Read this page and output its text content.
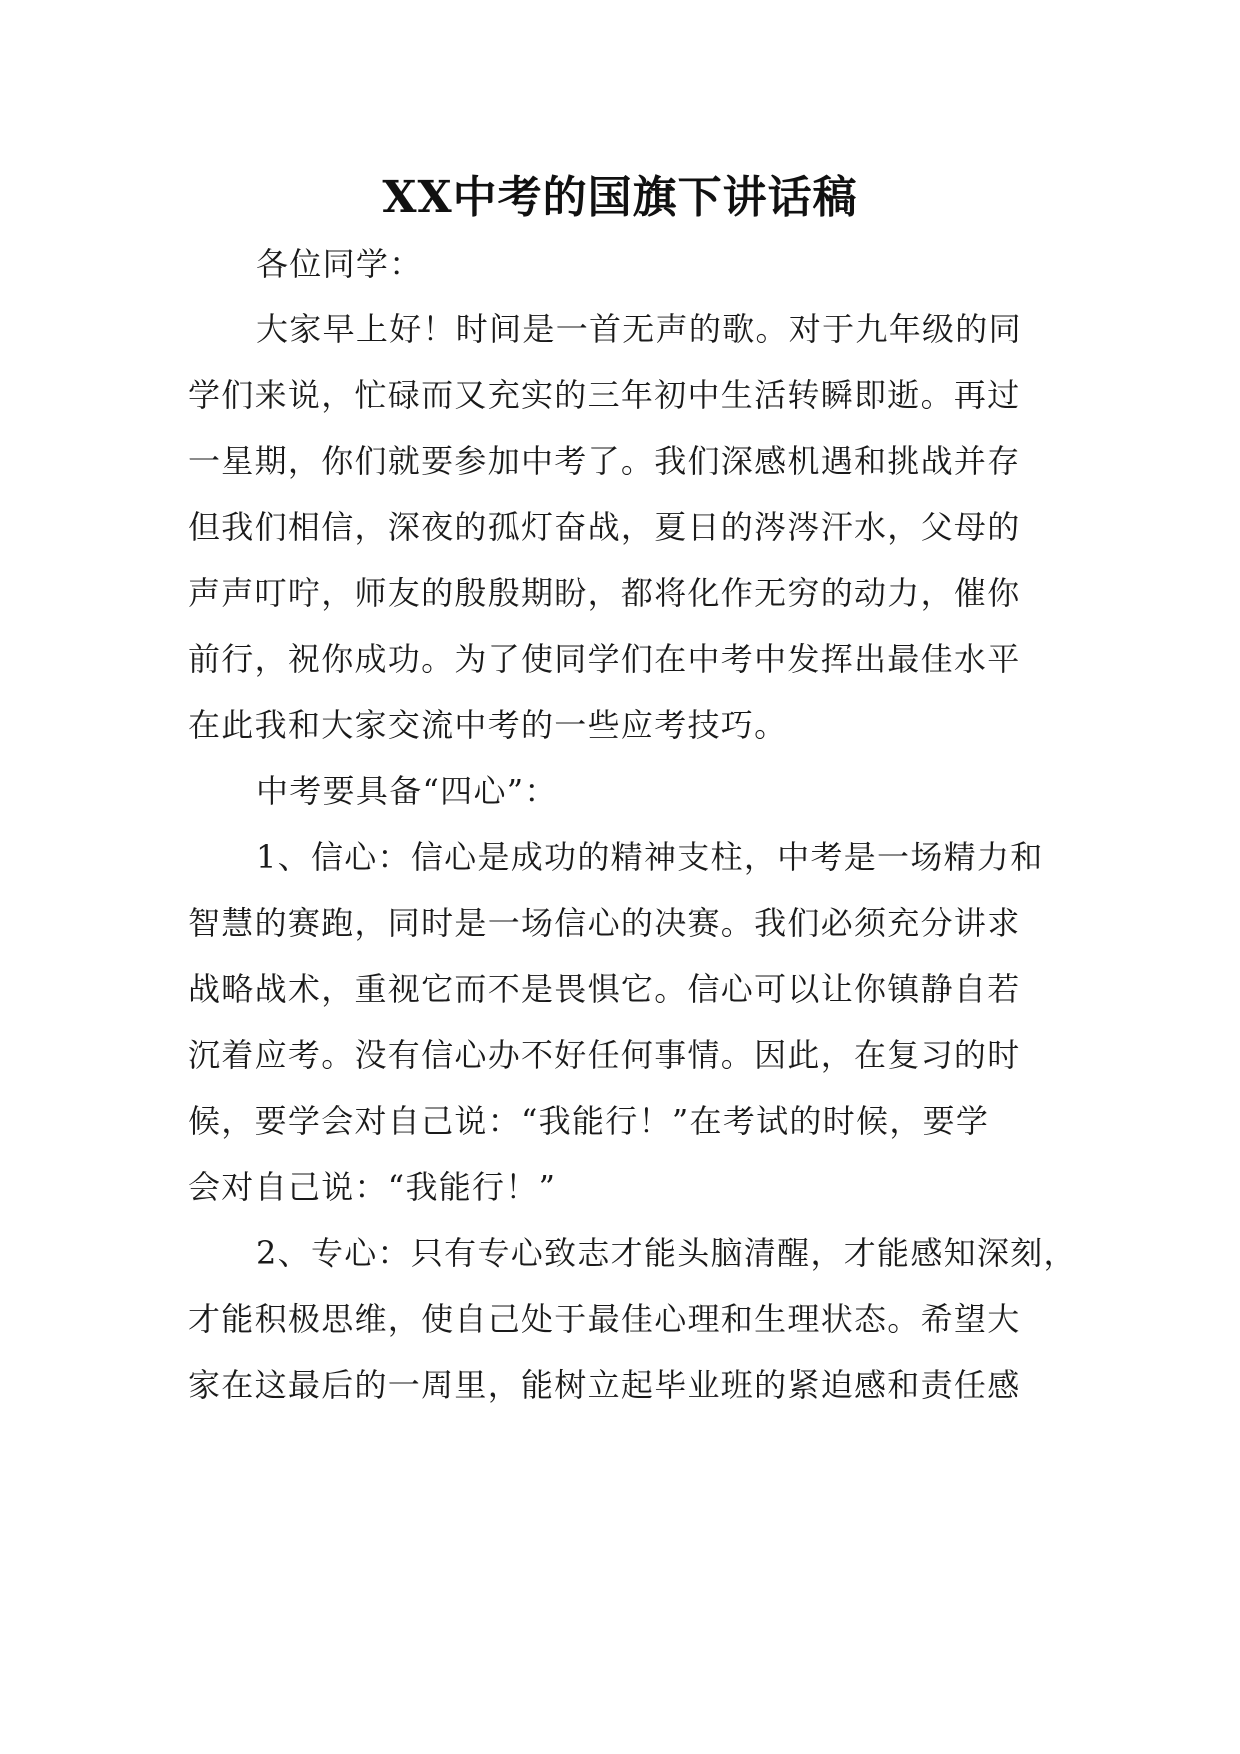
XX中考的国旗下讲话稿
各位同学：
大家早上好！时间是一首无声的歌。对于九年级的同
学们来说，忙碌而又充实的三年初中生活转瞬即逝。再过
一星期，你们就要参加中考了。我们深感机遇和挑战并存
但我们相信，深夜的孤灯奋战，夏日的涔涔汗水，父母的
声声叮咛，师友的殷殷期盼，都将化作无穷的动力，催你
前行，祝你成功。为了使同学们在中考中发挥出最佳水平
在此我和大家交流中考的一些应考技巧。
中考要具备“四心”：
1、信心：信心是成功的精神支柱，中考是一场精力和
智慧的赛跑，同时是一场信心的决赛。我们必须充分讲求
战略战术，重视它而不是畏惧它。信心可以让你镇静自若
沉着应考。没有信心办不好任何事情。因此，在复习的时
候，要学会对自己说：“我能行！”在考试的时候，要学
会对自己说：“我能行！”
2、专心：只有专心致志才能头脑清醒，才能感知深刻，
才能积极思维，使自己处于最佳心理和生理状态。希望大
家在这最后的一周里，能树立起毕业班的紧迫感和责任感
